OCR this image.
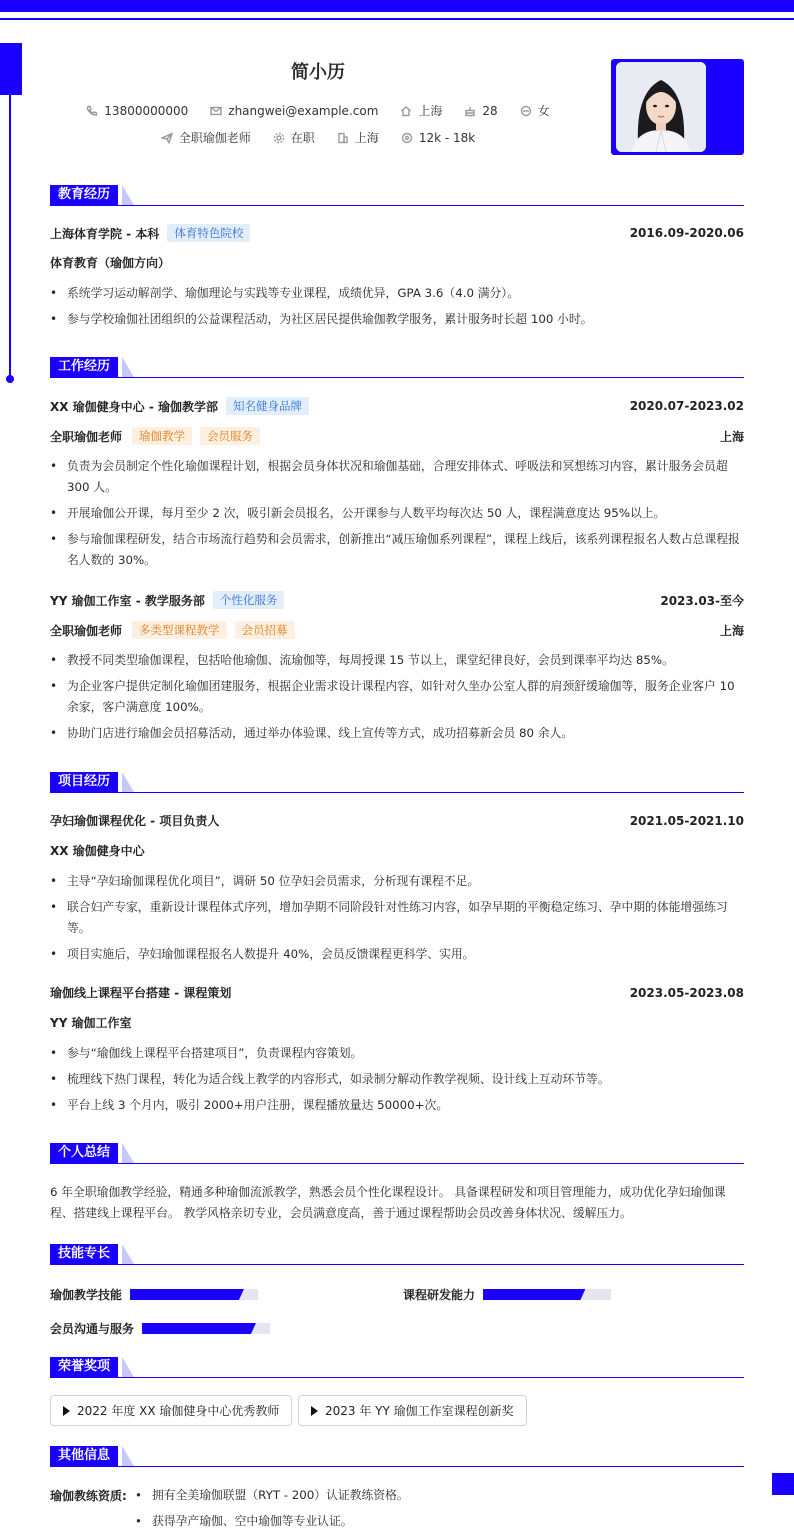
简小历
13800000000	zhangwei@example.com	上海	28	女
全职瑜伽老师	在职	上海	12k - 18k
教育经历
上海体育学院 - 本科	体育特色院校	2016.09-2020.06
体育教育（瑜伽方向）
• 系统学习运动解剖学、瑜伽理论与实践等专业课程，成绩优异，GPA 3.6（4.0 满分）。
• 参与学校瑜伽社团组织的公益课程活动，为社区居民提供瑜伽教学服务，累计服务时长超 100 小时。
工作经历
XX 瑜伽健身中心 - 瑜伽教学部	知名健身品牌	2020.07-2023.02
全职瑜伽老师	瑜伽教学	会员服务	上海
• 负责为会员制定个性化瑜伽课程计划，根据会员身体状况和瑜伽基础，合理安排体式、呼吸法和冥想练习内容，累计服务会员超 300 人。
• 开展瑜伽公开课，每月至少 2 次，吸引新会员报名，公开课参与人数平均每次达 50 人，课程满意度达 95%以上。
• 参与瑜伽课程研发，结合市场流行趋势和会员需求，创新推出“减压瑜伽系列课程”，课程上线后，该系列课程报名人数占总课程报名人数的 30%。
YY 瑜伽工作室 - 教学服务部	个性化服务	2023.03-至今
全职瑜伽老师	多类型课程教学	会员招募	上海
• 教授不同类型瑜伽课程，包括哈他瑜伽、流瑜伽等，每周授课 15 节以上，课堂纪律良好，会员到课率平均达 85%。
• 为企业客户提供定制化瑜伽团建服务，根据企业需求设计课程内容，如针对久坐办公室人群的肩颈舒缓瑜伽等，服务企业客户 10 余家，客户满意度 100%。
• 协助门店进行瑜伽会员招募活动，通过举办体验课、线上宣传等方式，成功招募新会员 80 余人。
项目经历
孕妇瑜伽课程优化 - 项目负责人	2021.05-2021.10
XX 瑜伽健身中心
• 主导“孕妇瑜伽课程优化项目”，调研 50 位孕妇会员需求，分析现有课程不足。
• 联合妇产专家，重新设计课程体式序列，增加孕期不同阶段针对性练习内容，如孕早期的平衡稳定练习、孕中期的体能增强练习等。
• 项目实施后，孕妇瑜伽课程报名人数提升 40%，会员反馈课程更科学、实用。
瑜伽线上课程平台搭建 - 课程策划	2023.05-2023.08
YY 瑜伽工作室
• 参与“瑜伽线上课程平台搭建项目”，负责课程内容策划。
• 梳理线下热门课程，转化为适合线上教学的内容形式，如录制分解动作教学视频、设计线上互动环节等。
• 平台上线 3 个月内，吸引 2000+用户注册，课程播放量达 50000+次。
个人总结
6 年全职瑜伽教学经验，精通多种瑜伽流派教学，熟悉会员个性化课程设计。 具备课程研发和项目管理能力，成功优化孕妇瑜伽课程、搭建线上课程平台。 教学风格亲切专业，会员满意度高，善于通过课程帮助会员改善身体状况、缓解压力。
技能专长
瑜伽教学技能	课程研发能力
会员沟通与服务
荣誉奖项
2022 年度 XX 瑜伽健身中心优秀教师	2023 年 YY 瑜伽工作室课程创新奖
其他信息
瑜伽教练资质:
•	拥有全美瑜伽联盟（RYT - 200）认证教练资格。
• 获得孕产瑜伽、空中瑜伽等专业认证。
